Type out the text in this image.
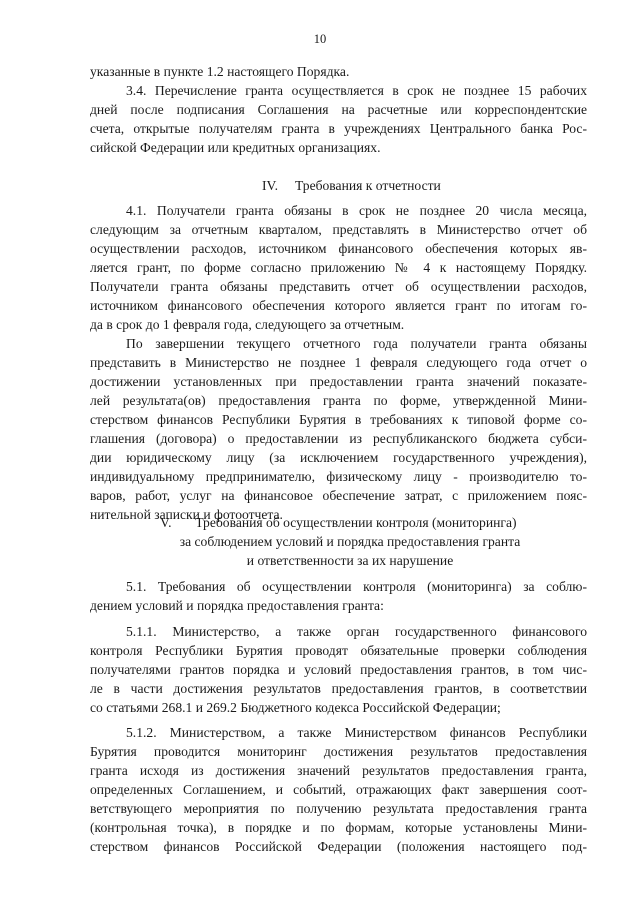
10
указанные в пункте 1.2 настоящего Порядка.
3.4. Перечисление гранта осуществляется в срок не позднее 15 рабочих
дней после подписания Соглашения на расчетные или корреспондентские
счета, открытые получателям гранта в учреждениях Центрального банка Рос-
сийской Федерации или кредитных организациях.
IV.     Требования к отчетности
4.1. Получатели гранта обязаны в срок не позднее 20 числа месяца,
следующим за отчетным кварталом, представлять в Министерство отчет об
осуществлении расходов, источником финансового обеспечения которых яв-
ляется грант, по форме согласно приложению № 4 к настоящему Порядку.
Получатели гранта обязаны представить отчет об осуществлении расходов,
источником финансового обеспечения которого является грант по итогам го-
да в срок до 1 февраля года, следующего за отчетным.
По завершении текущего отчетного года получатели гранта обязаны
представить в Министерство не позднее 1 февраля следующего года отчет о
достижении установленных при предоставлении гранта значений показате-
лей результата(ов) предоставления гранта по форме, утвержденной Мини-
стерством финансов Республики Бурятия в требованиях к типовой форме со-
глашения (договора) о предоставлении из республиканского бюджета субси-
дии юридическому лицу (за исключением государственного учреждения),
индивидуальному предпринимателю, физическому лицу - производителю то-
варов, работ, услуг на финансовое обеспечение затрат, с приложением пояс-
нительной записки и фотоотчета.
V.       Требования об осуществлении контроля (мониторинга)
за соблюдением условий и порядка предоставления гранта
и ответственности за их нарушение
5.1. Требования об осуществлении контроля (мониторинга) за соблю-
дением условий и порядка предоставления гранта:
5.1.1. Министерство, а также орган государственного финансового
контроля Республики Бурятия проводят обязательные проверки соблюдения
получателями грантов порядка и условий предоставления грантов, в том чис-
ле в части достижения результатов предоставления грантов, в соответствии
со статьями 268.1 и 269.2 Бюджетного кодекса Российской Федерации;
5.1.2. Министерством, а также Министерством финансов Республики
Бурятия проводится мониторинг достижения результатов предоставления
гранта исходя из достижения значений результатов предоставления гранта,
определенных Соглашением, и событий, отражающих факт завершения соот-
ветствующего мероприятия по получению результата предоставления гранта
(контрольная точка), в порядке и по формам, которые установлены Мини-
стерством финансов Российской Федерации (положения настоящего под-
